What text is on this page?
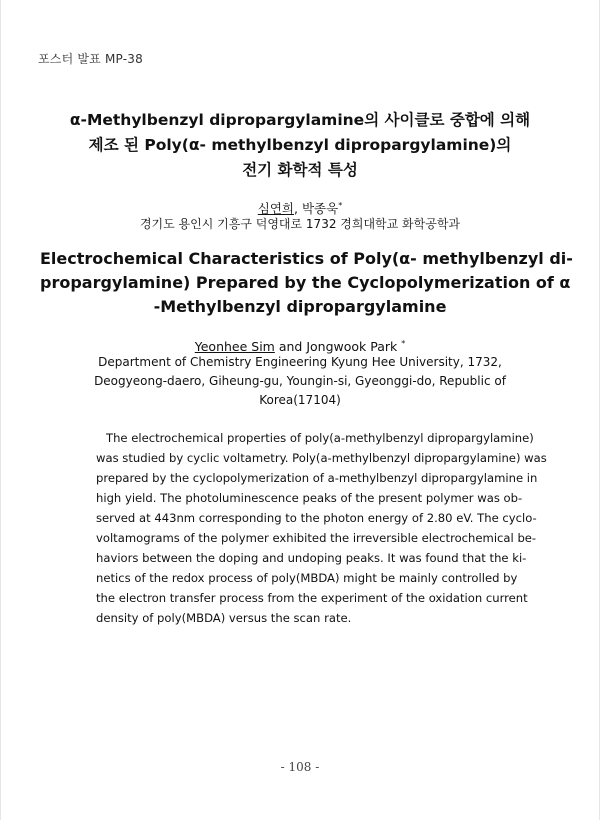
포스터 발표 MP-38
α-Methylbenzyl dipropargylamine의 사이클로 중합에 의해
제조 된 Poly(α- methylbenzyl dipropargylamine)의
전기 화학적 특성
심연희, 박종욱*
경기도 용인시 기흥구 덕영대로 1732 경희대학교 화학공학과
Electrochemical Characteristics of Poly(α- methylbenzyl di-
propargylamine) Prepared by the Cyclopolymerization of α
-Methylbenzyl dipropargylamine
Yeonhee Sim and Jongwook Park *
Department of Chemistry Engineering Kyung Hee University, 1732,
Deogyeong-daero, Giheung-gu, Youngin-si, Gyeonggi-do, Republic of
Korea(17104)
The electrochemical properties of poly(a-methylbenzyl dipropargylamine)
was studied by cyclic voltametry. Poly(a-methylbenzyl dipropargylamine) was
prepared by the cyclopolymerization of a-methylbenzyl dipropargylamine in
high yield. The photoluminescence peaks of the present polymer was ob-
served at 443nm corresponding to the photon energy of 2.80 eV. The cyclo-
voltamograms of the polymer exhibited the irreversible electrochemical be-
haviors between the doping and undoping peaks. It was found that the ki-
netics of the redox process of poly(MBDA) might be mainly controlled by
the electron transfer process from the experiment of the oxidation current
density of poly(MBDA) versus the scan rate.
- 108 -
